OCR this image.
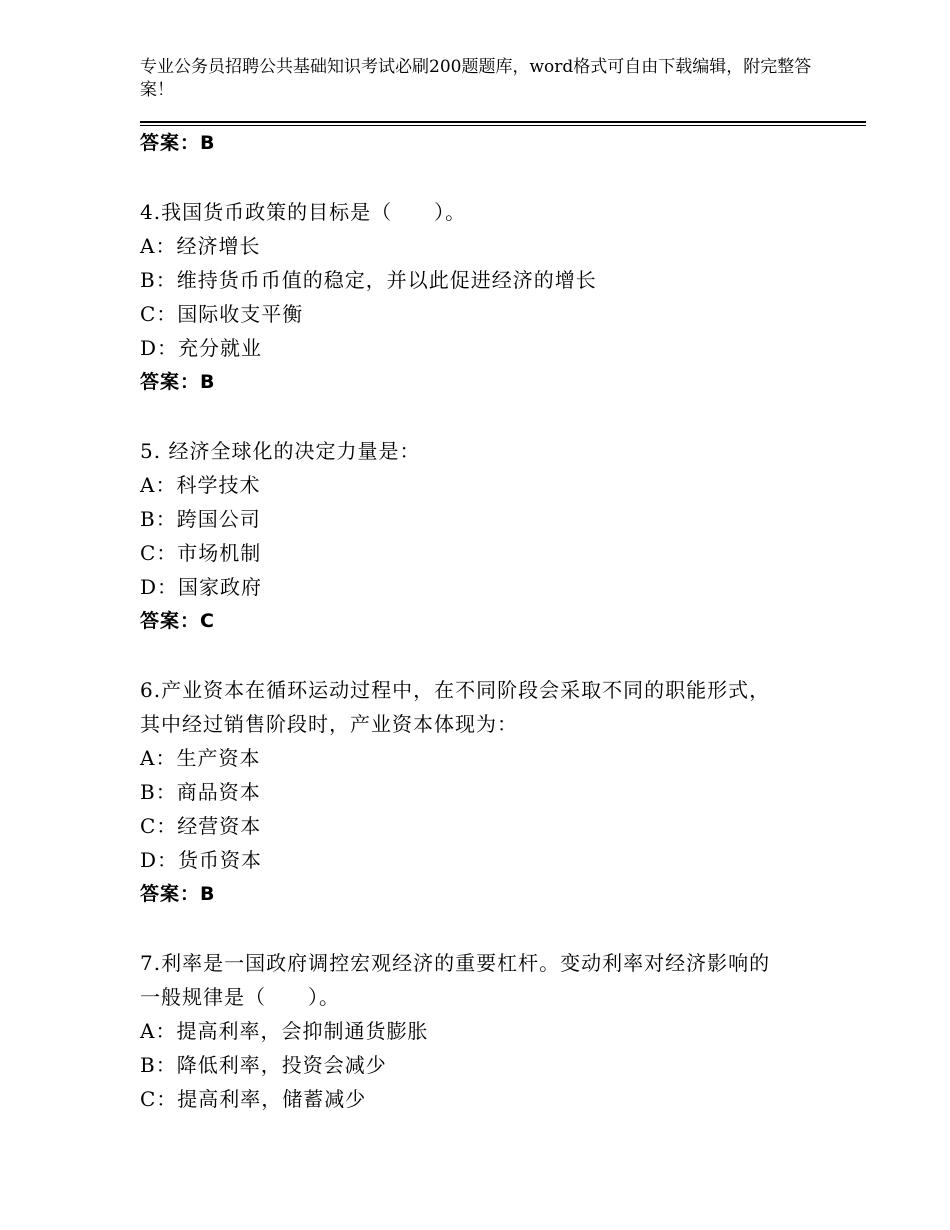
专业公务员招聘公共基础知识考试必刷200题题库，word格式可自由下载编辑，附完整答案！

答案：B

4.我国货币政策的目标是（　　）。

A：经济增长

B：维持货币币值的稳定，并以此促进经济的增长

C：国际收支平衡

D：充分就业

答案：B

5. 经济全球化的决定力量是：

A：科学技术

B：跨国公司

C：市场机制

D：国家政府

答案：C

6.产业资本在循环运动过程中，在不同阶段会采取不同的职能形式，

其中经过销售阶段时，产业资本体现为：

A：生产资本

B：商品资本

C：经营资本

D：货币资本

答案：B

7.利率是一国政府调控宏观经济的重要杠杆。变动利率对经济影响的

一般规律是（　　）。

A：提高利率，会抑制通货膨胀

B：降低利率，投资会减少

C：提高利率，储蓄减少
